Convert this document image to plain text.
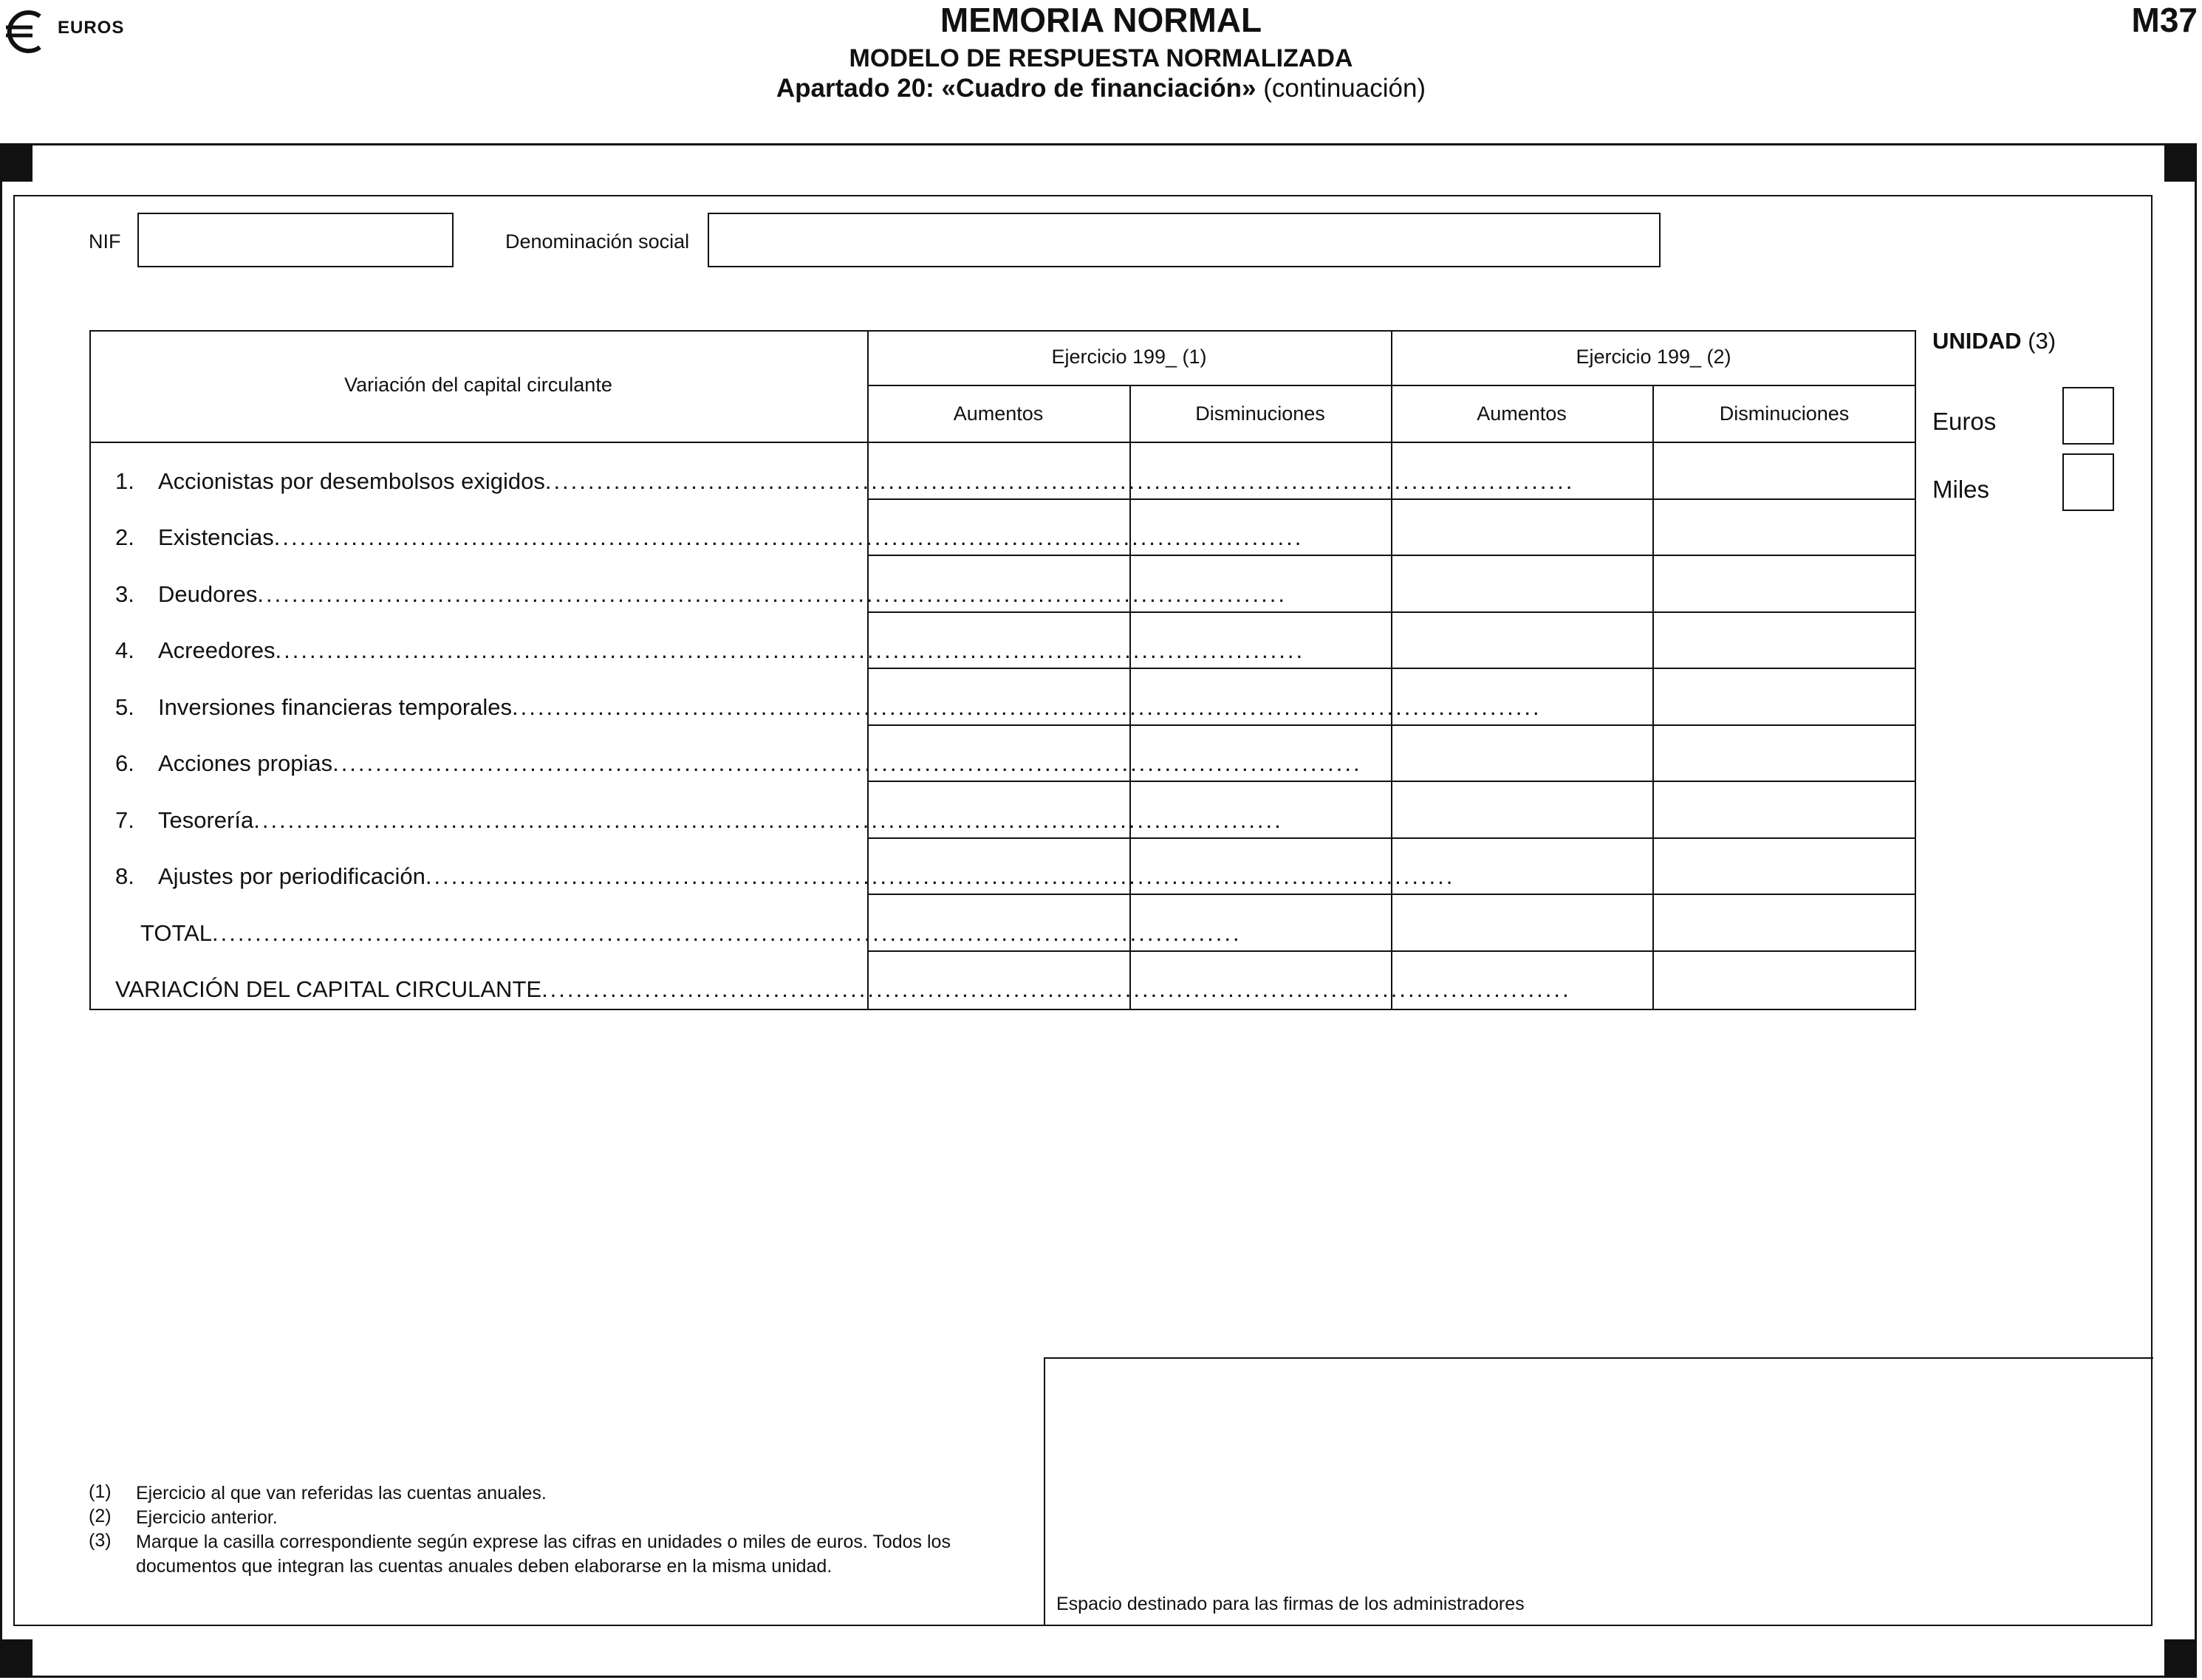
EUROS	MEMORIA NORMAL
MODELO DE RESPUESTA NORMALIZADA
Apartado 20: «Cuadro de financiación» (continuación)
M37
NIF	Denominación social
Variación del capital circulante
Ejercicio 199_ (1)	Ejercicio 199_ (2)
Aumentos	Disminuciones	Aumentos	Disminuciones
1. Accionistas por desembolsos exigidos ........................................................................................................................
2. Existencias ........................................................................................................................
3. Deudores ........................................................................................................................
4. Acreedores ........................................................................................................................
5. Inversiones financieras temporales ........................................................................................................................
6. Acciones propias ........................................................................................................................
7. Tesorería ........................................................................................................................
8. Ajustes por periodificación ........................................................................................................................
TOTAL ........................................................................................................................
VARIACIÓN DEL CAPITAL CIRCULANTE ........................................................................................................................
UNIDAD (3)
Euros
Miles
(1) Ejercicio al que van referidas las cuentas anuales.
(2) Ejercicio anterior.
(3) Marque la casilla correspondiente según exprese las cifras en unidades o miles de euros. Todos los
documentos que integran las cuentas anuales deben elaborarse en la misma unidad.
Espacio destinado para las firmas de los administradores
